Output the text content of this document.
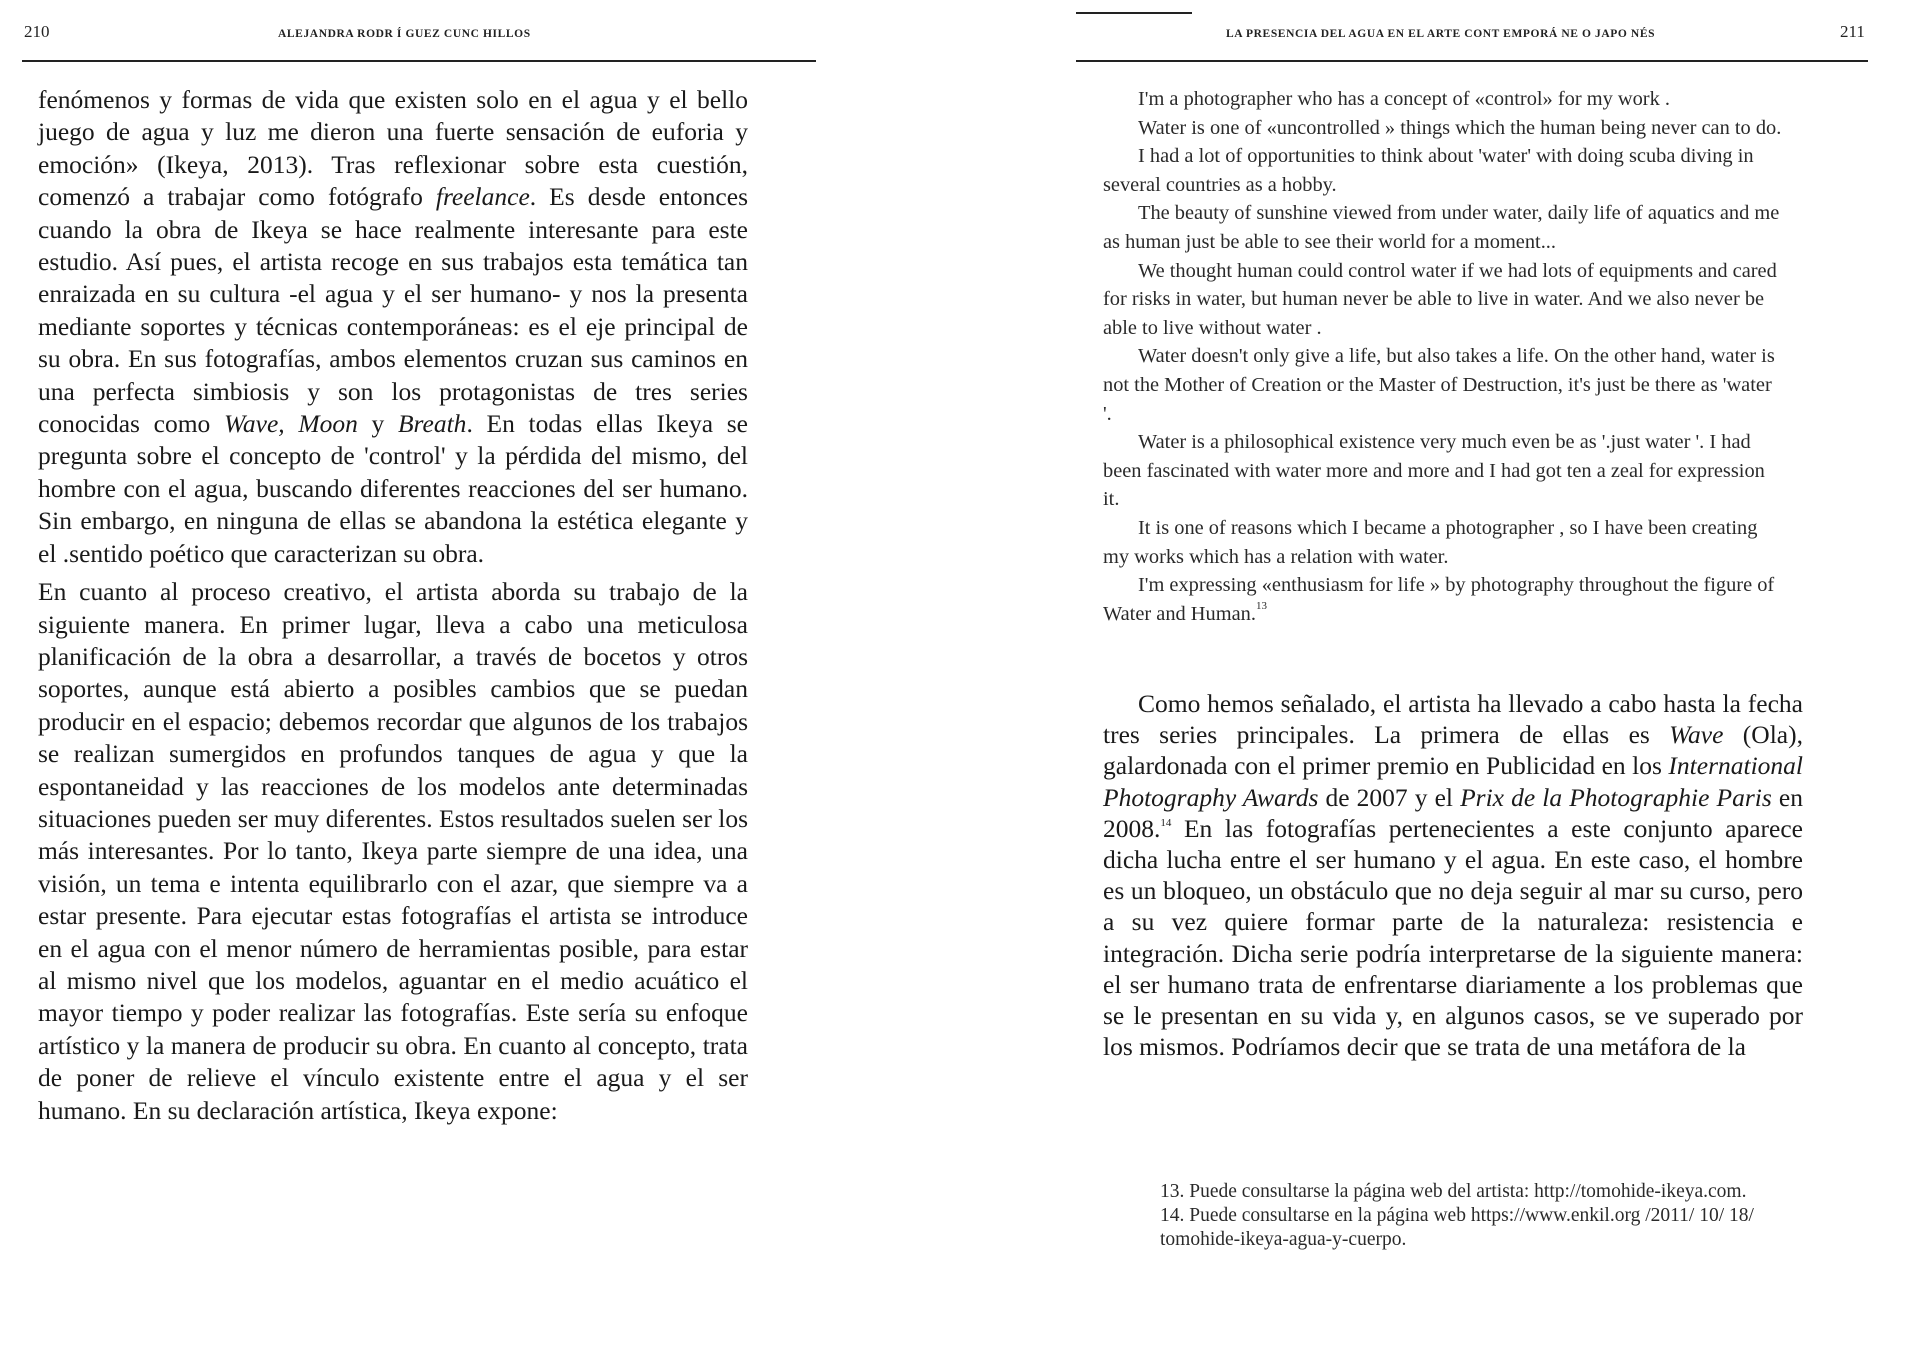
210	ALEJANDRA RODR Í GUEZ CUNC HILLOS

fenómenos y formas de vida que existen solo en el agua y el bello juego de agua y luz me dieron una fuerte sensación de euforia y emoción» (Ikeya, 2013). Tras reflexionar sobre esta cuestión, comenzó a trabajar como fotógrafo freelance. Es desde entonces cuando la obra de Ikeya se hace realmente interesante para este estudio. Así pues, el artista recoge en sus trabajos esta temática tan enraizada en su cultura -el agua y el ser humano- y nos la presenta mediante soportes y técnicas contemporáneas: es el eje principal de su obra. En sus fotografías, ambos elementos cruzan sus caminos en una perfecta simbiosis y son los protagonistas de tres series conocidas como Wave, Moon y Breath. En todas ellas Ikeya se pregunta sobre el concepto de 'control' y la pérdida del mismo, del hombre con el agua, buscando diferentes reacciones del ser humano. Sin embargo, en ninguna de ellas se abandona la estética elegante y el .sentido poético que caracterizan su obra.

En cuanto al proceso creativo, el artista aborda su trabajo de la siguiente manera. En primer lugar, lleva a cabo una meticulosa planificación de la obra a desarrollar, a través de bocetos y otros soportes, aunque está abierto a posibles cambios que se puedan producir en el espacio; debemos recordar que algunos de los trabajos se realizan sumergidos en profundos tanques de agua y que la espontaneidad y las reacciones de los modelos ante determinadas situaciones pueden ser muy diferentes. Estos resultados suelen ser los más interesantes. Por lo tanto, Ikeya parte siempre de una idea, una visión, un tema e intenta equilibrarlo con el azar, que siempre va a estar presente. Para ejecutar estas fotografías el artista se introduce en el agua con el menor número de herramientas posible, para estar al mismo nivel que los modelos, aguantar en el medio acuático el mayor tiempo y poder realizar las fotografías. Este sería su enfoque artístico y la manera de producir su obra. En cuanto al concepto, trata de poner de relieve el vínculo existente entre el agua y el ser humano. En su declaración artística, Ikeya expone:

LA PRESENCIA DEL AGUA EN EL ARTE CONT EMPORÁ NE O JAPO NÉS	211

I'm a photographer who has a concept of «control» for my work .

Water is one of «uncontrolled » things which the human being never can to do.

I had a lot of opportunities to think about 'water' with doing scuba diving in several countries as a hobby.

The beauty of sunshine viewed from under water, daily life of aquatics and me as human just be able to see their world for a moment...

We thought human could control water if we had lots of equipments and cared for risks in water, but human never be able to live in water. And we also never be able to live without water .

Water doesn't only give a life, but also takes a life. On the other hand, water is not the Mother of Creation or the Master of Destruction, it's just be there as 'water '.

Water is a philosophical existence very much even be as '.just water '. I had been fascinated with water more and more and I had got ten a zeal for expression it.

It is one of reasons which I became a photographer , so I have been creating my works which has a relation with water.

I'm expressing «enthusiasm for life » by photography throughout the figure of Water and Human.$^{13}$

Como hemos señalado, el artista ha llevado a cabo hasta la fecha tres series principales. La primera de ellas es Wave (Ola), galardonada con el primer premio en Publicidad en los International Photography Awards de 2007 y el Prix de la Photographie Paris en 2008.14 En las fotografías pertenecientes a este conjunto aparece dicha lucha entre el ser humano y el agua. En este caso, el hombre es un bloqueo, un obstáculo que no deja seguir al mar su curso, pero a su vez quiere formar parte de la naturaleza: resistencia e integración. Dicha serie podría interpretarse de la siguiente manera: el ser humano trata de enfrentarse diariamente a los problemas que se le presentan en su vida y, en algunos casos, se ve superado por los mismos. Podríamos decir que se trata de una metáfora de la

13. Puede consultarse la página web del artista: http://tomohide-ikeya.com.

14. Puede consultarse en la página web https://www.enkil.org /2011/ 10/ 18/ tomohide-ikeya-agua-y-cuerpo.
